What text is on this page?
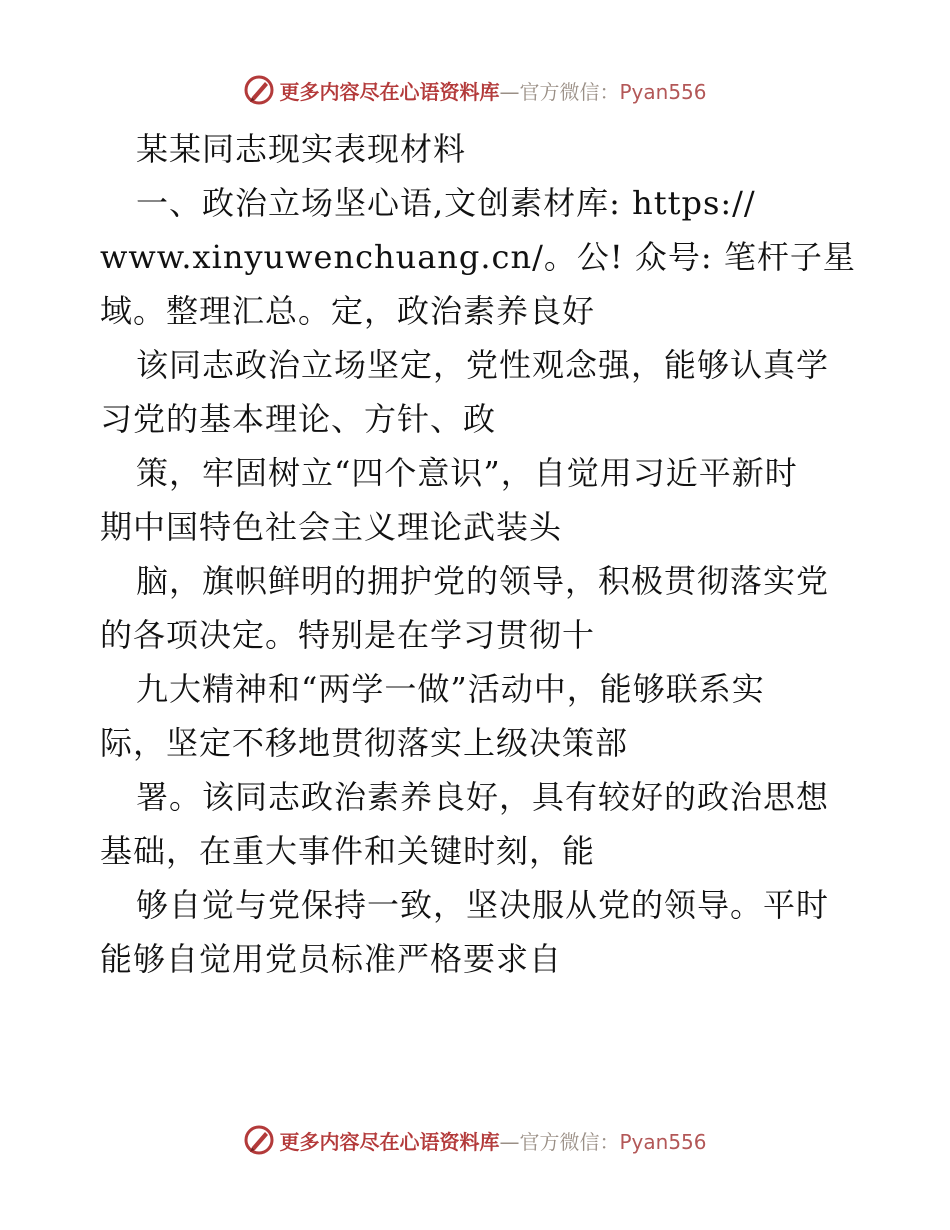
更多内容尽在心语资料库—官方微信：Pyan556
某某同志现实表现材料
一、政治立场坚心语,文创素材库: https://
www.xinyuwenchuang.cn/。公! 众号: 笔杆子星
域。整理汇总。定，政治素养良好
该同志政治立场坚定，党性观念强，能够认真学
习党的基本理论、方针、政
策，牢固树立“四个意识”，自觉用习近平新时
期中国特色社会主义理论武装头
脑，旗帜鲜明的拥护党的领导，积极贯彻落实党
的各项决定。特别是在学习贯彻十
九大精神和“两学一做”活动中，能够联系实
际，坚定不移地贯彻落实上级决策部
署。该同志政治素养良好，具有较好的政治思想
基础，在重大事件和关键时刻，能
够自觉与党保持一致，坚决服从党的领导。平时
能够自觉用党员标准严格要求自
更多内容尽在心语资料库—官方微信：Pyan556
